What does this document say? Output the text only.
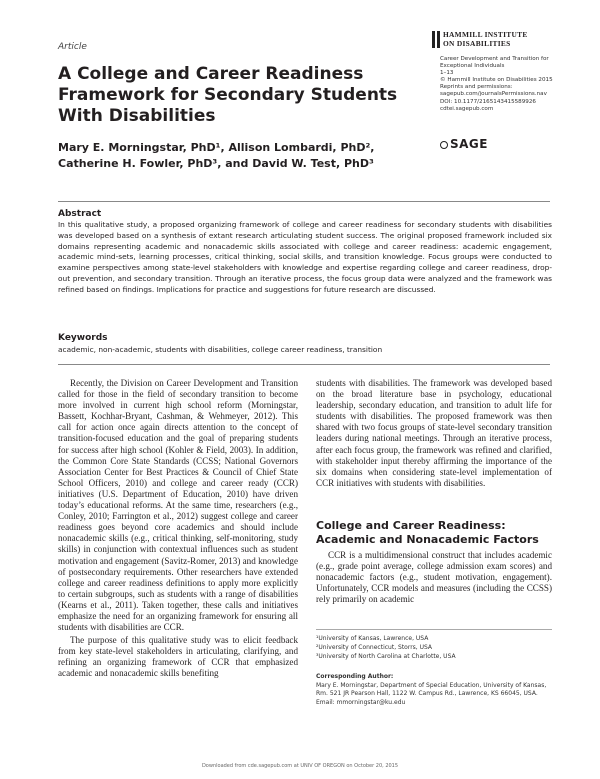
Article
HAMMILL INSTITUTE
ON DISABILITIES
Career Development and Transition for
Exceptional Individuals
1–13
© Hammill Institute on Disabilities 2015
Reprints and permissions:
sagepub.com/journalsPermissions.nav
DOI: 10.1177/2165143415589926
cdtei.sagepub.com
SAGE
A College and Career Readiness Framework for Secondary Students With Disabilities
Mary E. Morningstar, PhD¹, Allison Lombardi, PhD²,
Catherine H. Fowler, PhD³, and David W. Test, PhD³
Abstract
In this qualitative study, a proposed organizing framework of college and career readiness for secondary students with disabilities was developed based on a synthesis of extant research articulating student success. The original proposed framework included six domains representing academic and nonacademic skills associated with college and career readiness: academic engagement, academic mind-sets, learning processes, critical thinking, social skills, and transition knowledge. Focus groups were conducted to examine perspectives among state-level stakeholders with knowledge and expertise regarding college and career readiness, drop-out prevention, and secondary transition. Through an iterative process, the focus group data were analyzed and the framework was refined based on findings. Implications for practice and suggestions for future research are discussed.
Keywords
academic, non-academic, students with disabilities, college career readiness, transition

Recently, the Division on Career Development and Transition called for those in the field of secondary transition to become more involved in current high school reform (Morningstar, Bassett, Kochhar-Bryant, Cashman, & Wehmeyer, 2012). This call for action once again directs attention to the concept of transition-focused education and the goal of preparing students for success after high school (Kohler & Field, 2003). In addition, the Common Core State Standards (CCSS; National Governors Association Center for Best Practices & Council of Chief State School Officers, 2010) and college and career ready (CCR) initiatives (U.S. Department of Education, 2010) have driven today’s educational reforms. At the same time, researchers (e.g., Conley, 2010; Farrington et al., 2012) suggest college and career readiness goes beyond core academics and should include nonacademic skills (e.g., critical thinking, self-monitoring, study skills) in conjunction with contextual influences such as student motivation and engagement (Savitz-Romer, 2013) and knowledge of postsecondary requirements. Other researchers have extended college and career readiness definitions to apply more explicitly to certain subgroups, such as students with a range of disabilities (Kearns et al., 2011). Taken together, these calls and initiatives emphasize the need for an organizing framework for ensuring all students with disabilities are CCR.

The purpose of this qualitative study was to elicit feedback from key state-level stakeholders in articulating, clarifying, and refining an organizing framework of CCR that emphasized academic and nonacademic skills benefiting

students with disabilities. The framework was developed based on the broad literature base in psychology, educational leadership, secondary education, and transition to adult life for students with disabilities. The proposed framework was then shared with two focus groups of state-level secondary transition leaders during national meetings. Through an iterative process, after each focus group, the framework was refined and clarified, with stakeholder input thereby affirming the importance of the six domains when considering state-level implementation of CCR initiatives with students with disabilities.

College and Career Readiness: Academic and Nonacademic Factors

CCR is a multidimensional construct that includes academic (e.g., grade point average, college admission exam scores) and nonacademic factors (e.g., student motivation, engagement). Unfortunately, CCR models and measures (including the CCSS) rely primarily on academic

¹University of Kansas, Lawrence, USA
²University of Connecticut, Storrs, USA
³University of North Carolina at Charlotte, USA
Corresponding Author:
Mary E. Morningstar, Department of Special Education, University of Kansas, Rm. 521 JR Pearson Hall, 1122 W. Campus Rd., Lawrence, KS 66045, USA.
Email: mmorningstar@ku.edu
Downloaded from cde.sagepub.com at UNIV OF OREGON on October 20, 2015
